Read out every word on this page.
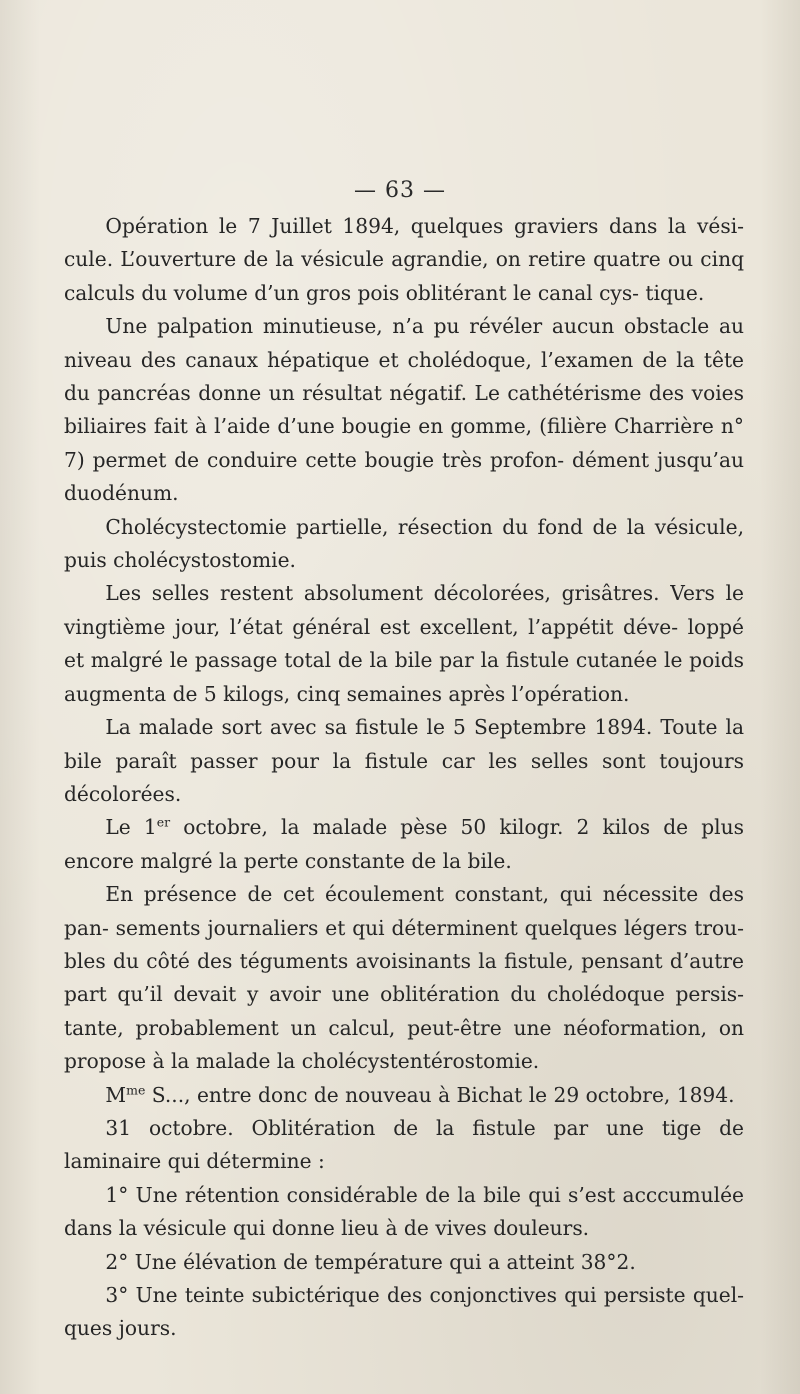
— 63 —

Opération le 7 Juillet 1894, quelques graviers dans la vési- cule. L’ouverture de la vésicule agrandie, on retire quatre ou cinq calculs du volume d’un gros pois oblitérant le canal cys- tique.

Une palpation minutieuse, n’a pu révéler aucun obstacle au niveau des canaux hépatique et cholédoque, l’examen de la tête du pancréas donne un résultat négatif. Le cathétérisme des voies biliaires fait à l’aide d’une bougie en gomme, (filière Charrière n° 7) permet de conduire cette bougie très profon- dément jusqu’au duodénum.

Cholécystectomie partielle, résection du fond de la vésicule, puis cholécystostomie.

Les selles restent absolument décolorées, grisâtres. Vers le vingtième jour, l’état général est excellent, l’appétit déve- loppé et malgré le passage total de la bile par la fistule cutanée le poids augmenta de 5 kilogs, cinq semaines après l’opération.

La malade sort avec sa fistule le 5 Septembre 1894. Toute la bile paraît passer pour la fistule car les selles sont toujours décolorées.

Le 1er octobre, la malade pèse 50 kilogr. 2 kilos de plus encore malgré la perte constante de la bile.

En présence de cet écoulement constant, qui nécessite des pan- sements journaliers et qui déterminent quelques légers trou- bles du côté des téguments avoisinants la fistule, pensant d’autre part qu’il devait y avoir une oblitération du cholédoque persis- tante, probablement un calcul, peut-être une néoformation, on propose à la malade la cholécystentérostomie.

$M^{me}$ S..., entre donc de nouveau à Bichat le 29 octobre, 1894.

31 octobre. Oblitération de la fistule par une tige de laminaire qui détermine :

1° Une rétention considérable de la bile qui s’est acccumulée dans la vésicule qui donne lieu à de vives douleurs.

2° Une élévation de température qui a atteint 38°2.

3° Une teinte subictérique des conjonctives qui persiste quel- ques jours.
